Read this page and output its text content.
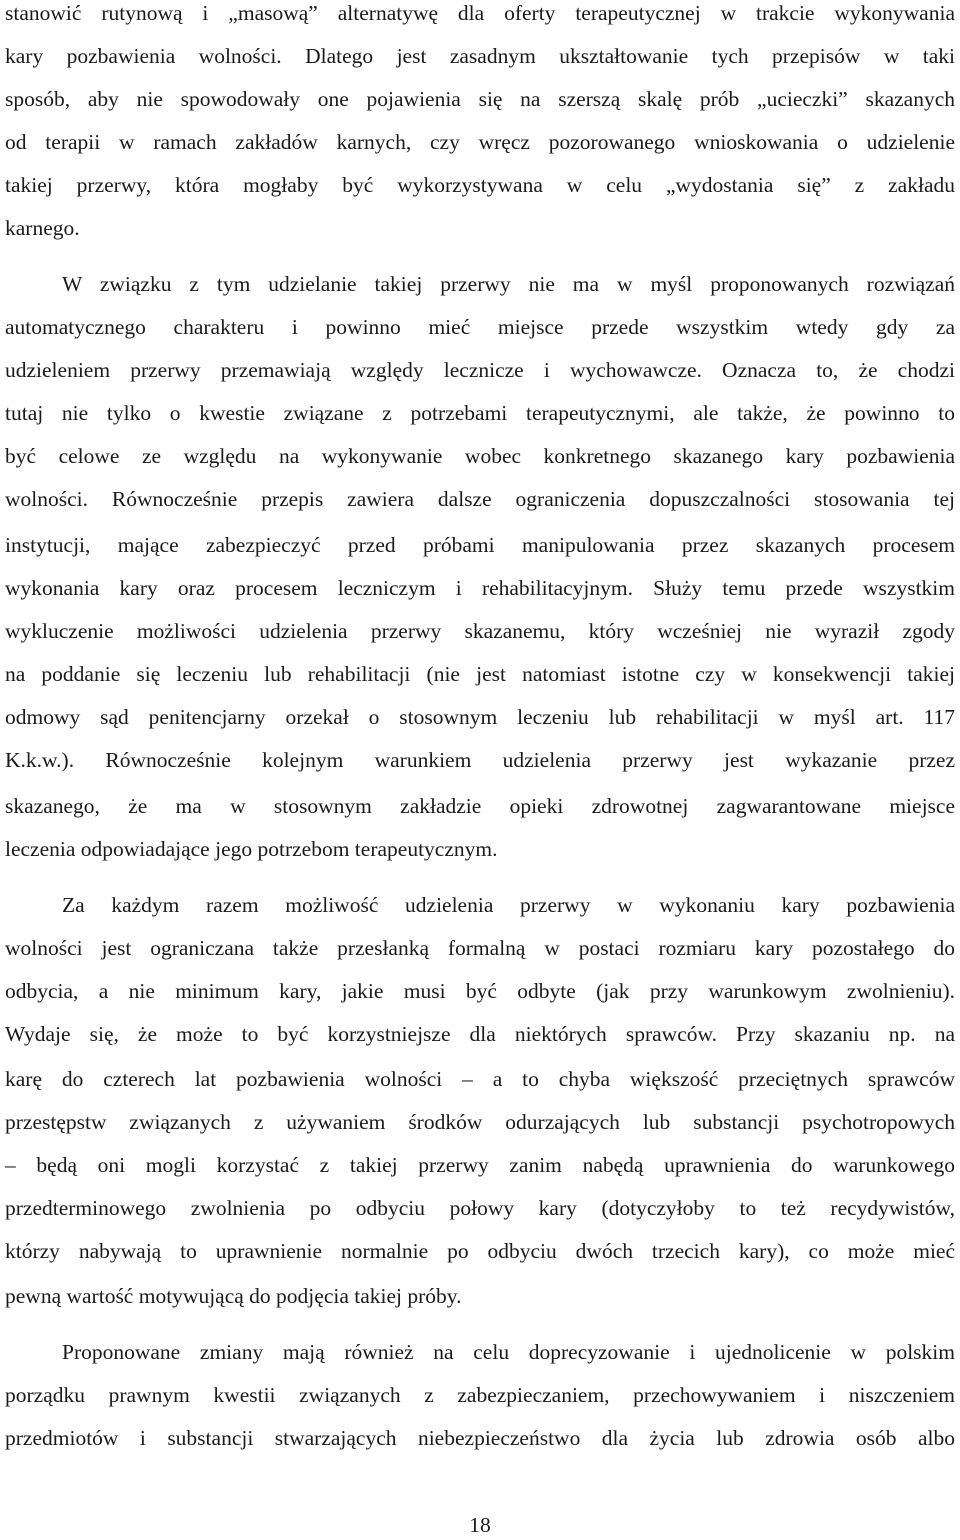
stanowić rutynową i „masową” alternatywę dla oferty terapeutycznej w trakcie wykonywania
kary pozbawienia wolności. Dlatego jest zasadnym ukształtowanie tych przepisów w taki
sposób, aby nie spowodowały one pojawienia się na szerszą skalę prób „ucieczki” skazanych
od terapii w ramach zakładów karnych, czy wręcz pozorowanego wnioskowania o udzielenie
takiej przerwy, która mogłaby być wykorzystywana w celu „wydostania się” z zakładu
karnego.
W związku z tym udzielanie takiej przerwy nie ma w myśl proponowanych rozwiązań
automatycznego charakteru i powinno mieć miejsce przede wszystkim wtedy gdy za
udzieleniem przerwy przemawiają względy lecznicze i wychowawcze. Oznacza to, że chodzi
tutaj nie tylko o kwestie związane z potrzebami terapeutycznymi, ale także, że powinno to
być celowe ze względu na wykonywanie wobec konkretnego skazanego kary pozbawienia
wolności. Równocześnie przepis zawiera dalsze ograniczenia dopuszczalności stosowania tej
instytucji, mające zabezpieczyć przed próbami manipulowania przez skazanych procesem
wykonania kary oraz procesem leczniczym i rehabilitacyjnym. Służy temu przede wszystkim
wykluczenie możliwości udzielenia przerwy skazanemu, który wcześniej nie wyraził zgody
na poddanie się leczeniu lub rehabilitacji (nie jest natomiast istotne czy w konsekwencji takiej
odmowy sąd penitencjarny orzekał o stosownym leczeniu lub rehabilitacji w myśl art. 117
K.k.w.). Równocześnie kolejnym warunkiem udzielenia przerwy jest wykazanie przez
skazanego, że ma w stosownym zakładzie opieki zdrowotnej zagwarantowane miejsce
leczenia odpowiadające jego potrzebom terapeutycznym.
Za każdym razem możliwość udzielenia przerwy w wykonaniu kary pozbawienia
wolności jest ograniczana także przesłanką formalną w postaci rozmiaru kary pozostałego do
odbycia, a nie minimum kary, jakie musi być odbyte (jak przy warunkowym zwolnieniu).
Wydaje się, że może to być korzystniejsze dla niektórych sprawców. Przy skazaniu np. na
karę do czterech lat pozbawienia wolności – a to chyba większość przeciętnych sprawców
przestępstw związanych z używaniem środków odurzających lub substancji psychotropowych
– będą oni mogli korzystać z takiej przerwy zanim nabędą uprawnienia do warunkowego
przedterminowego zwolnienia po odbyciu połowy kary (dotyczyłoby to też recydywistów,
którzy nabywają to uprawnienie normalnie po odbyciu dwóch trzecich kary), co może mieć
pewną wartość motywującą do podjęcia takiej próby.
Proponowane zmiany mają również na celu doprecyzowanie i ujednolicenie w polskim
porządku prawnym kwestii związanych z zabezpieczaniem, przechowywaniem i niszczeniem
przedmiotów i substancji stwarzających niebezpieczeństwo dla życia lub zdrowia osób albo
18
